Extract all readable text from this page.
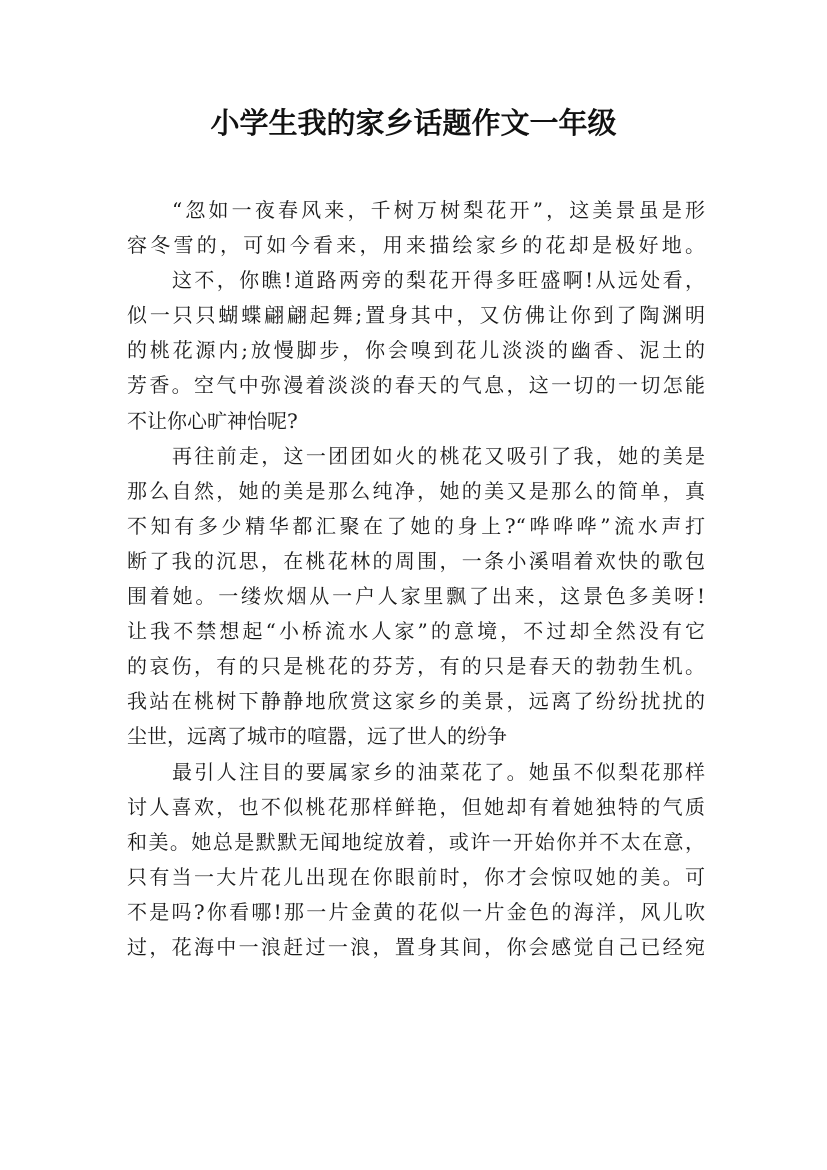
小学生我的家乡话题作文一年级
“忽如一夜春风来，千树万树梨花开”，这美景虽是形
容冬雪的，可如今看来，用来描绘家乡的花却是极好地。
这不，你瞧!道路两旁的梨花开得多旺盛啊!从远处看，
似一只只蝴蝶翩翩起舞;置身其中，又仿佛让你到了陶渊明
的桃花源内;放慢脚步，你会嗅到花儿淡淡的幽香、泥土的
芳香。空气中弥漫着淡淡的春天的气息，这一切的一切怎能
不让你心旷神怡呢?
再往前走，这一团团如火的桃花又吸引了我，她的美是
那么自然，她的美是那么纯净，她的美又是那么的简单，真
不知有多少精华都汇聚在了她的身上?“哗哗哗”流水声打
断了我的沉思，在桃花林的周围，一条小溪唱着欢快的歌包
围着她。一缕炊烟从一户人家里飘了出来，这景色多美呀!
让我不禁想起“小桥流水人家”的意境，不过却全然没有它
的哀伤，有的只是桃花的芬芳，有的只是春天的勃勃生机。
我站在桃树下静静地欣赏这家乡的美景，远离了纷纷扰扰的
尘世，远离了城市的喧嚣，远了世人的纷争
最引人注目的要属家乡的油菜花了。她虽不似梨花那样
讨人喜欢，也不似桃花那样鲜艳，但她却有着她独特的气质
和美。她总是默默无闻地绽放着，或许一开始你并不太在意，
只有当一大片花儿出现在你眼前时，你才会惊叹她的美。可
不是吗?你看哪!那一片金黄的花似一片金色的海洋，风儿吹
过，花海中一浪赶过一浪，置身其间，你会感觉自己已经宛
